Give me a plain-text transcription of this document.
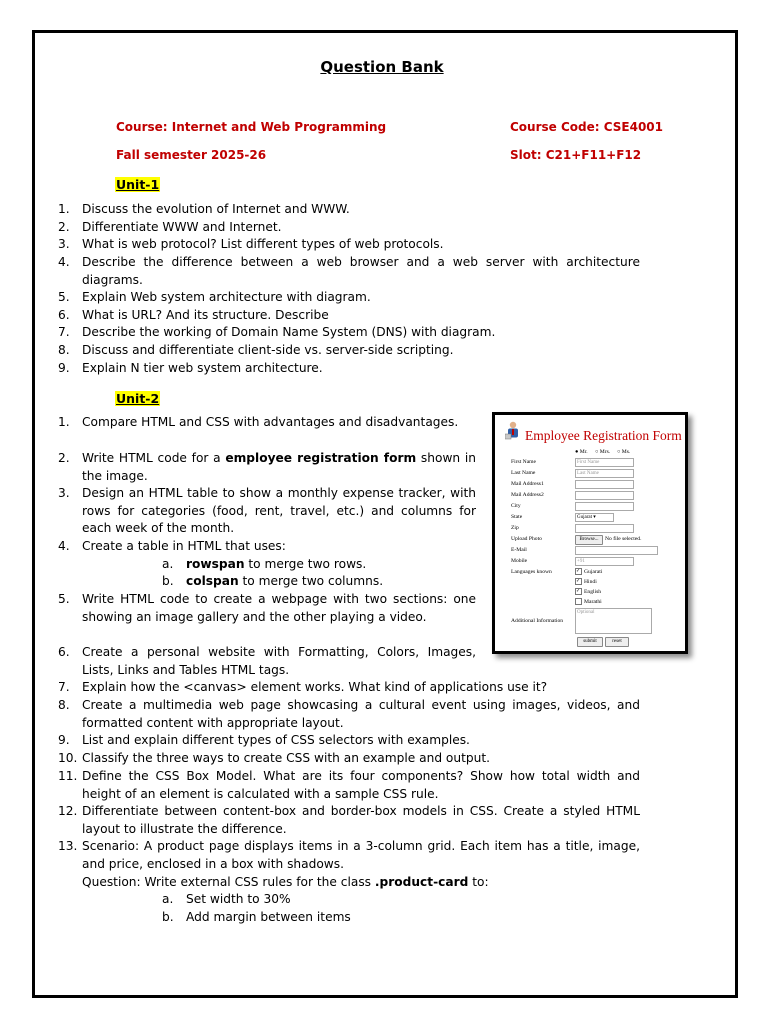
Question Bank
Course: Internet and Web Programming	Course Code: CSE4001
Fall semester 2025-26	Slot: C21+F11+F12
Unit-1
1.	Discuss the evolution of Internet and WWW.
2.	Differentiate WWW and Internet.
3.	What is web protocol? List different types of web protocols.
4.	Describe the difference between a web browser and a web server with architecture diagrams.
5.	Explain Web system architecture with diagram.
6.	What is URL? And its structure. Describe
7.	Describe the working of Domain Name System (DNS) with diagram.
8.	Discuss and differentiate client-side vs. server-side scripting.
9.	Explain N tier web system architecture.
Unit-2
1.	Compare HTML and CSS with advantages and disadvantages.
2.	Write HTML code for a employee registration form shown in the image.
3.	Design an HTML table to show a monthly expense tracker, with rows for categories (food, rent, travel, etc.) and columns for each week of the month.
4.	Create a table in HTML that uses:
a. rowspan to merge two rows.
b. colspan to merge two columns.
5.	Write HTML code to create a webpage with two sections: one showing an image gallery and the other playing a video.
6.	Create a personal website with Formatting, Colors, Images, Lists, Links and Tables HTML tags.
7.	Explain how the <canvas> element works. What kind of applications use it?
8.	Create a multimedia web page showcasing a cultural event using images, videos, and formatted content with appropriate layout.
9.	List and explain different types of CSS selectors with examples.
10. Classify the three ways to create CSS with an example and output.
11. Define the CSS Box Model. What are its four components? Show how total width and height of an element is calculated with a sample CSS rule.
12. Differentiate between content-box and border-box models in CSS. Create a styled HTML layout to illustrate the difference.
13. Scenario: A product page displays items in a 3-column grid. Each item has a title, image, and price, enclosed in a box with shadows.
Question: Write external CSS rules for the class .product-card to:
a. Set width to 30%
b. Add margin between items
Employee Registration Form
● Mr. ○ Mrs. ○ Ms.
First Name	First Name
Last Name	Last Name
Mail Address1
Mail Address2
City
State	Gujarat ▾
Zip
Upload Photo	Browse...	No file selected.
E-Mail
Mobile	+91
Languages known	✓ Gujarati
✓ Hindi
✓ English
Marathi
Optional
Additional Information
submit	reset
